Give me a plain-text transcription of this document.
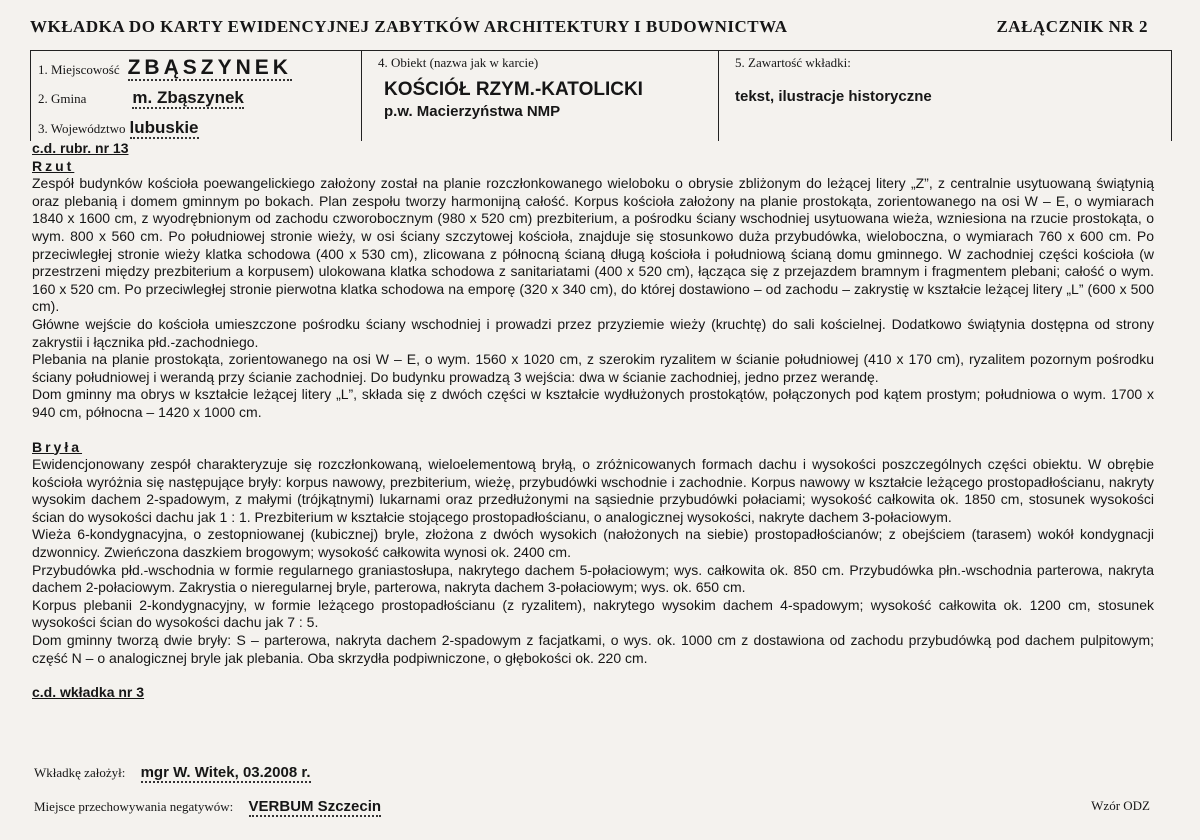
WKŁADKA DO KARTY EWIDENCYJNEJ ZABYTKÓW ARCHITEKTURY I BUDOWNICTWA	ZAŁĄCZNIK NR 2
1. Miejscowość ZBĄSZYNEK
2. Gmina	m. Zbąszynek
3. Województwo lubuskie
4. Obiekt (nazwa jak w karcie)
KOŚCIÓŁ RZYM.-KATOLICKI
p.w. Macierzyństwa NMP
5. Zawartość wkładki:
tekst, ilustracje historyczne

c.d. rubr. nr 13

Rzut

Zespół budynków kościoła poewangelickiego założony został na planie rozczłonkowanego wieloboku o obrysie zbliżonym do leżącej litery „Z”, z centralnie usytuowaną świątynią oraz plebanią i domem gminnym po bokach. Plan zespołu tworzy harmonijną całość. Korpus kościoła założony na planie prostokąta, zorientowanego na osi W – E, o wymiarach 1840 x 1600 cm, z wyodrębnionym od zachodu czworobocznym (980 x 520 cm) prezbiterium, a pośrodku ściany wschodniej usytuowana wieża, wzniesiona na rzucie prostokąta, o wym. 800 x 560 cm. Po południowej stronie wieży, w osi ściany szczytowej kościoła, znajduje się stosunkowo duża przybudówka, wieloboczna, o wymiarach 760 x 600 cm. Po przeciwległej stronie wieży klatka schodowa (400 x 530 cm), zlicowana z północną ścianą długą kościoła i południową ścianą domu gminnego. W zachodniej części kościoła (w przestrzeni między prezbiterium a korpusem) ulokowana klatka schodowa z sanitariatami (400 x 520 cm), łącząca się z przejazdem bramnym i fragmentem plebani; całość o wym. 160 x 520 cm. Po przeciwległej stronie pierwotna klatka schodowa na emporę (320 x 340 cm), do której dostawiono – od zachodu – zakrystię w kształcie leżącej litery „L” (600 x 500 cm).

Główne wejście do kościoła umieszczone pośrodku ściany wschodniej i prowadzi przez przyziemie wieży (kruchtę) do sali kościelnej. Dodatkowo świątynia dostępna od strony zakrystii i łącznika płd.-zachodniego.

Plebania na planie prostokąta, zorientowanego na osi W – E, o wym. 1560 x 1020 cm, z szerokim ryzalitem w ścianie południowej (410 x 170 cm), ryzalitem pozornym pośrodku ściany południowej i werandą przy ścianie zachodniej. Do budynku prowadzą 3 wejścia: dwa w ścianie zachodniej, jedno przez werandę.

Dom gminny ma obrys w kształcie leżącej litery „L”, składa się z dwóch części w kształcie wydłużonych prostokątów, połączonych pod kątem prostym; południowa o wym. 1700 x 940 cm, północna – 1420 x 1000 cm.

Bryła

Ewidencjonowany zespół charakteryzuje się rozczłonkowaną, wieloelementową bryłą, o zróżnicowanych formach dachu i wysokości poszczególnych części obiektu. W obrębie kościoła wyróżnia się następujące bryły: korpus nawowy, prezbiterium, wieżę, przybudówki wschodnie i zachodnie. Korpus nawowy w kształcie leżącego prostopadłościanu, nakryty wysokim dachem 2-spadowym, z małymi (trójkątnymi) lukarnami oraz przedłużonymi na sąsiednie przybudówki połaciami; wysokość całkowita ok. 1850 cm, stosunek wysokości ścian do wysokości dachu jak 1 : 1. Prezbiterium w kształcie stojącego prostopadłościanu, o analogicznej wysokości, nakryte dachem 3-połaciowym.

Wieża 6-kondygnacyjna, o zestopniowanej (kubicznej) bryle, złożona z dwóch wysokich (nałożonych na siebie) prostopadłościanów; z obejściem (tarasem) wokół kondygnacji dzwonnicy. Zwieńczona daszkiem brogowym; wysokość całkowita wynosi ok. 2400 cm.

Przybudówka płd.-wschodnia w formie regularnego graniastosłupa, nakrytego dachem 5-połaciowym; wys. całkowita ok. 850 cm. Przybudówka płn.-wschodnia parterowa, nakryta dachem 2-połaciowym. Zakrystia o nieregularnej bryle, parterowa, nakryta dachem 3-połaciowym; wys. ok. 650 cm.

Korpus plebanii 2-kondygnacyjny, w formie leżącego prostopadłościanu (z ryzalitem), nakrytego wysokim dachem 4-spadowym; wysokość całkowita ok. 1200 cm, stosunek wysokości ścian do wysokości dachu jak 7 : 5.

Dom gminny tworzą dwie bryły: S – parterowa, nakryta dachem 2-spadowym z facjatkami, o wys. ok. 1000 cm z dostawiona od zachodu przybudówką pod dachem pulpitowym; część N – o analogicznej bryle jak plebania. Oba skrzydła podpiwniczone, o głębokości ok. 220 cm.

c.d. wkładka nr 3

Wkładkę założył: mgr W. Witek, 03.2008 r.
Miejsce przechowywania negatywów: VERBUM Szczecin	Wzór ODZ
